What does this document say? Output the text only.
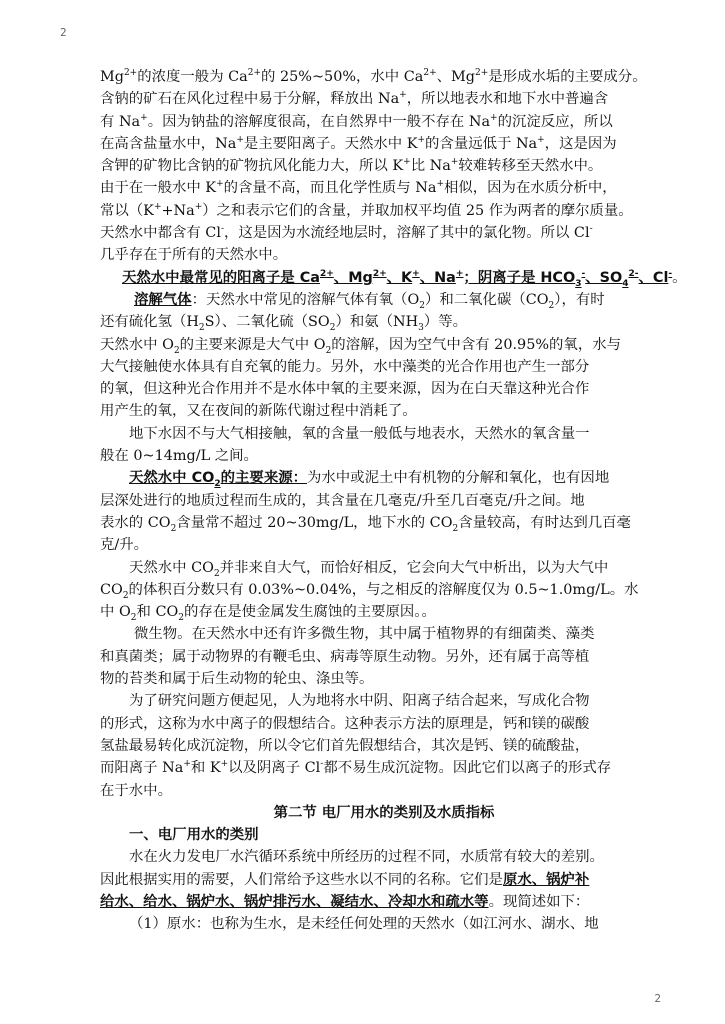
2
$Mg^{2+}$的浓度一般为 $Ca^{2+}$的 25%~50%，水中 $Ca^{2+}$、$Mg^{2+}$是形成水垢的主要成分。
含钠的矿石在风化过程中易于分解，释放出 Na+，所以地表水和地下水中普遍含
有 Na+。因为钠盐的溶解度很高，在自然界中一般不存在 Na+的沉淀反应，所以
在高含盐量水中，Na+是主要阳离子。天然水中 K+的含量远低于 Na+，这是因为
含钾的矿物比含钠的矿物抗风化能力大，所以 K+比 Na+较难转移至天然水中。
由于在一般水中 K+的含量不高，而且化学性质与 Na+相似，因为在水质分析中，
常以（K++Na+）之和表示它们的含量，并取加权平均值 25 作为两者的摩尔质量。
天然水中都含有 Cl-，这是因为水流经地层时，溶解了其中的氯化物。所以 Cl-
几乎存在于所有的天然水中。
天然水中最常见的阳离子是 $Ca^{2+}$、$Mg^{2+}$、K+、Na+；阴离子是 $HCO_3^-$、$SO_4^{2-}$、Cl-。
溶解气体：天然水中常见的溶解气体有氧$(O_2)$和二氧化碳$(CO_2)$，有时
还有硫化氢$(H_2S)$、二氧化硫$(SO_2)$和氨$(NH_3)$等。
天然水中 $O_2$的主要来源是大气中 $O_2$的溶解，因为空气中含有 20.95%的氧，水与
大气接触使水体具有自充氧的能力。另外，水中藻类的光合作用也产生一部分
的氧，但这种光合作用并不是水体中氧的主要来源，因为在白天靠这种光合作
用产生的氧，又在夜间的新陈代谢过程中消耗了。
地下水因不与大气相接触，氧的含量一般低与地表水，天然水的氧含量一
般在 0~14mg/L 之间。
天然水中 $CO_2$的主要来源：为水中或泥土中有机物的分解和氧化，也有因地
层深处进行的地质过程而生成的，其含量在几毫克/升至几百毫克/升之间。地
表水的 $CO_2$含量常不超过 20~30mg/L，地下水的 $CO_2$含量较高，有时达到几百毫
克/升。
天然水中 $CO_2$并非来自大气，而恰好相反，它会向大气中析出，以为大气中
$CO_2$的体积百分数只有 0.03%~0.04%，与之相反的溶解度仅为 0.5~1.0mg/L。水
中 $O_2$和 $CO_2$的存在是使金属发生腐蚀的主要原因。。
微生物。在天然水中还有许多微生物，其中属于植物界的有细菌类、藻类
和真菌类；属于动物界的有鞭毛虫、病毒等原生动物。另外，还有属于高等植
物的苔类和属于后生动物的轮虫、涤虫等。
为了研究问题方便起见，人为地将水中阴、阳离子结合起来，写成化合物
的形式，这称为水中离子的假想结合。这种表示方法的原理是，钙和镁的碳酸
氢盐最易转化成沉淀物，所以令它们首先假想结合，其次是钙、镁的硫酸盐，
而阳离子 Na+和 K+以及阴离子 Cl-都不易生成沉淀物。因此它们以离子的形式存
在于水中。
第二节 电厂用水的类别及水质指标
一、电厂用水的类别
水在火力发电厂水汽循环系统中所经历的过程不同，水质常有较大的差别。
因此根据实用的需要，人们常给予这些水以不同的名称。它们是原水、锅炉补
给水、给水、锅炉水、锅炉排污水、凝结水、冷却水和疏水等。现简述如下：
（1）原水：也称为生水，是未经任何处理的天然水（如江河水、湖水、地
2
